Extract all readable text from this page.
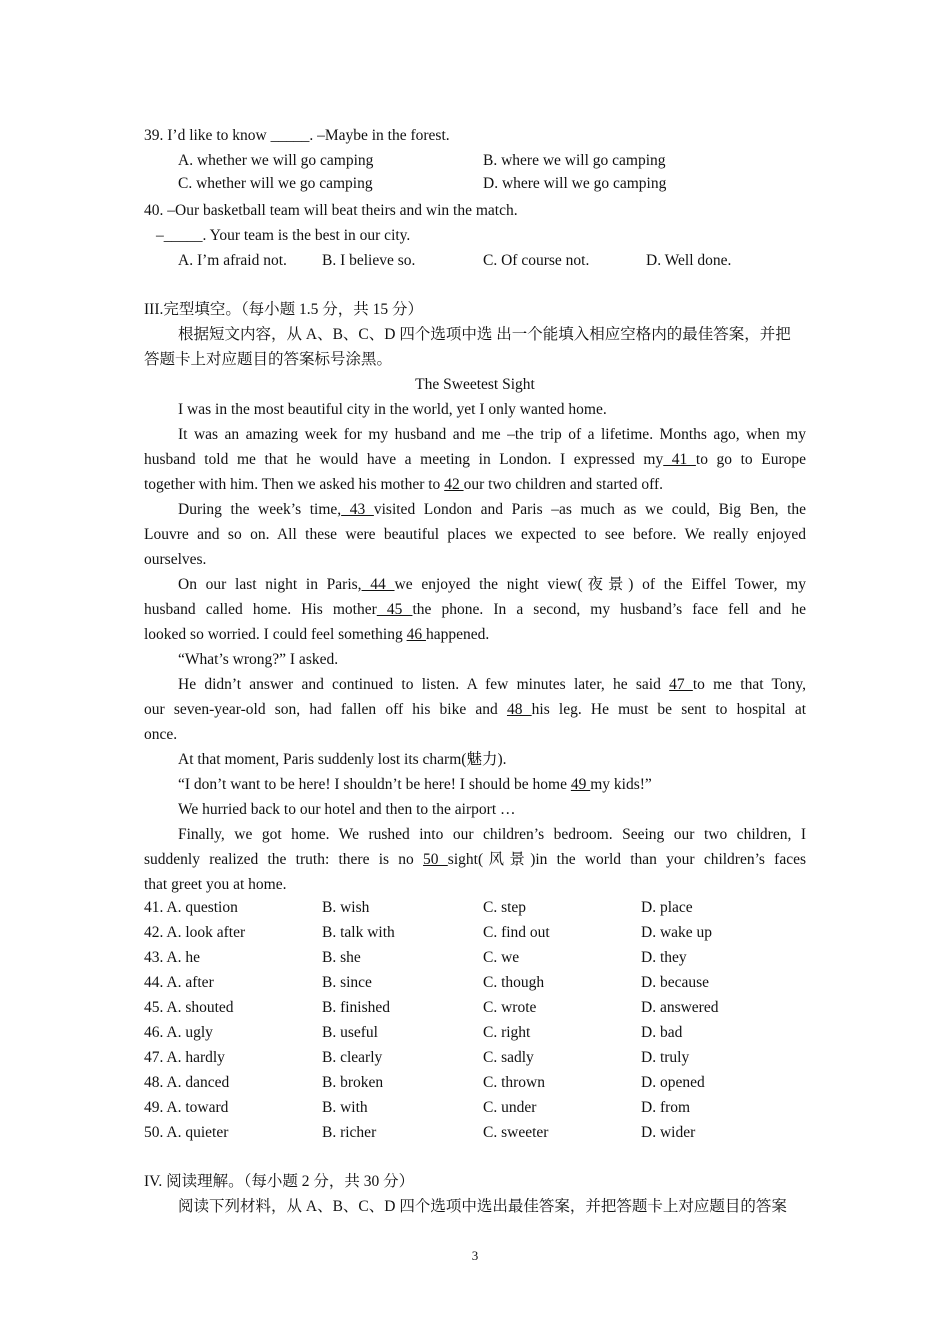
39. I’d like to know _____. –Maybe in the forest.
A. whether we will go camping	B. where we will go camping
C. whether will we go camping	D. where will we go camping
40. –Our basketball team will beat theirs and win the match.
–_____. Your team is the best in our city.
A. I’m afraid not. B. I believe so.	C. Of course not.	D. Well done.
III.完型填空。（每小题 1.5 分，共 15 分）
根据短文内容，从 A、B、C、D 四个选项中选 出一个能填入相应空格内的最佳答案，并把
答题卡上对应题目的答案标号涂黑。
The Sweetest Sight
I was in the most beautiful city in the world, yet I only wanted home.
It was an amazing week for my husband and me –the trip of a lifetime. Months ago, when my
husband told me that he would have a meeting in London. I expressed my 41 to go to Europe
together with him. Then we asked his mother to 42 our two children and started off.
During the week’s time, 43 visited London and Paris –as much as we could, Big Ben, the
Louvre and so on. All these were beautiful places we expected to see before. We really enjoyed
ourselves.
On our last night in Paris, 44 we enjoyed the night view(夜景) of the Eiffel Tower, my
husband called home. His mother 45 the phone. In a second, my husband’s face fell and he
looked so worried. I could feel something 46 happened.
“What’s wrong?” I asked.
He didn’t answer and continued to listen. A few minutes later, he said 47 to me that Tony,
our seven-year-old son, had fallen off his bike and 48 his leg. He must be sent to hospital at
once.
At that moment, Paris suddenly lost its charm(魅力).
“I don’t want to be here! I shouldn’t be here! I should be home 49 my kids!”
We hurried back to our hotel and then to the airport …
Finally, we got home. We rushed into our children’s bedroom. Seeing our two children, I
suddenly realized the truth: there is no 50 sight(风景)in the world than your children’s faces
that greet you at home.
41. A. question	B. wish	C. step	D. place
42. A. look after	B. talk with	C. find out	D. wake up
43. A. he	B. she	C. we	D. they
44. A. after	B. since	C. though	D. because
45. A. shouted	B. finished	C. wrote	D. answered
46. A. ugly	B. useful	C. right	D. bad
47. A. hardly	B. clearly	C. sadly	D. truly
48. A. danced	B. broken	C. thrown	D. opened
49. A. toward	B. with	C. under	D. from
50. A. quieter	B. richer	C. sweeter	D. wider
IV. 阅读理解。（每小题 2 分，共 30 分）
阅读下列材料，从 A、B、C、D 四个选项中选出最佳答案，并把答题卡上对应题目的答案
3
